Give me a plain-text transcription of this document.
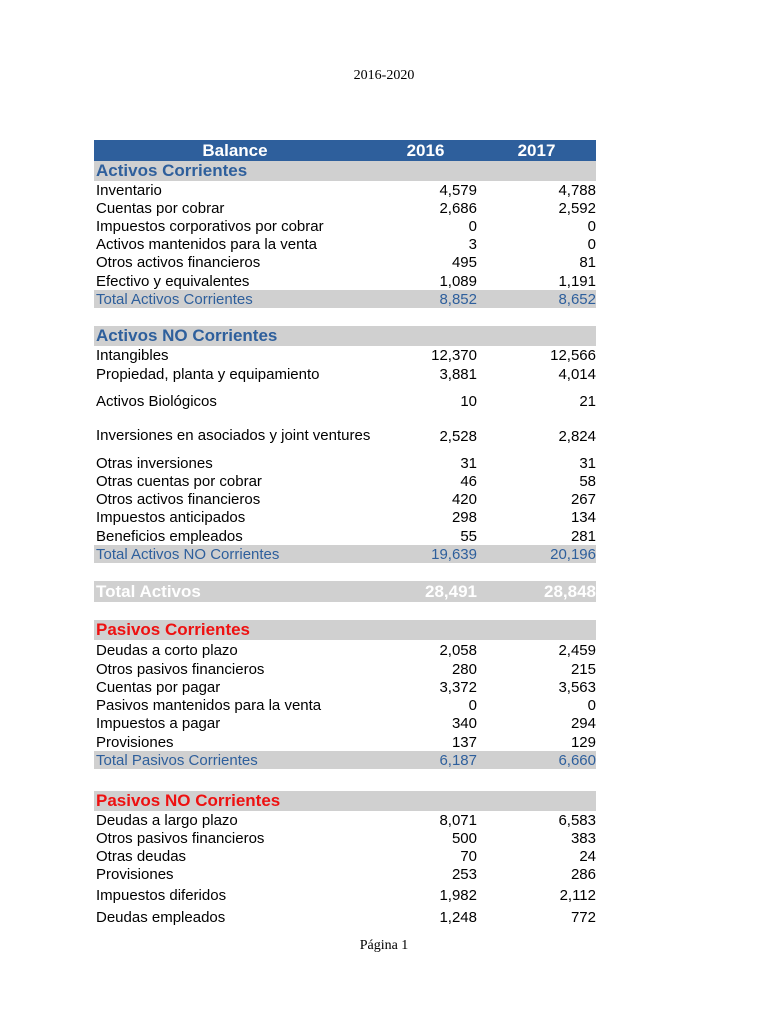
2016-2020
Balance	2016	2017
Activos Corrientes
Inventario	4,579	4,788
Cuentas por cobrar	2,686	2,592
Impuestos corporativos por cobrar	0	0
Activos mantenidos para la venta	3	0
Otros activos financieros	495	81
Efectivo y equivalentes	1,089	1,191
Total Activos Corrientes	8,852	8,652
Activos NO Corrientes
Intangibles	12,370	12,566
Propiedad, planta y equipamiento	3,881	4,014
Activos Biológicos	10	21
Inversiones en asociados y joint ventures	2,528	2,824
Otras inversiones	31	31
Otras cuentas por cobrar	46	58
Otros activos financieros	420	267
Impuestos anticipados	298	134
Beneficios empleados	55	281
Total Activos NO Corrientes	19,639	20,196
Total Activos	28,491	28,848
Pasivos Corrientes
Deudas a corto plazo	2,058	2,459
Otros pasivos financieros	280	215
Cuentas por pagar	3,372	3,563
Pasivos mantenidos para la venta	0	0
Impuestos a pagar	340	294
Provisiones	137	129
Total Pasivos Corrientes	6,187	6,660
Pasivos NO Corrientes
Deudas a largo plazo	8,071	6,583
Otros pasivos financieros	500	383
Otras deudas	70	24
Provisiones	253	286
Impuestos diferidos	1,982	2,112
Deudas empleados	1,248	772
Página 1
